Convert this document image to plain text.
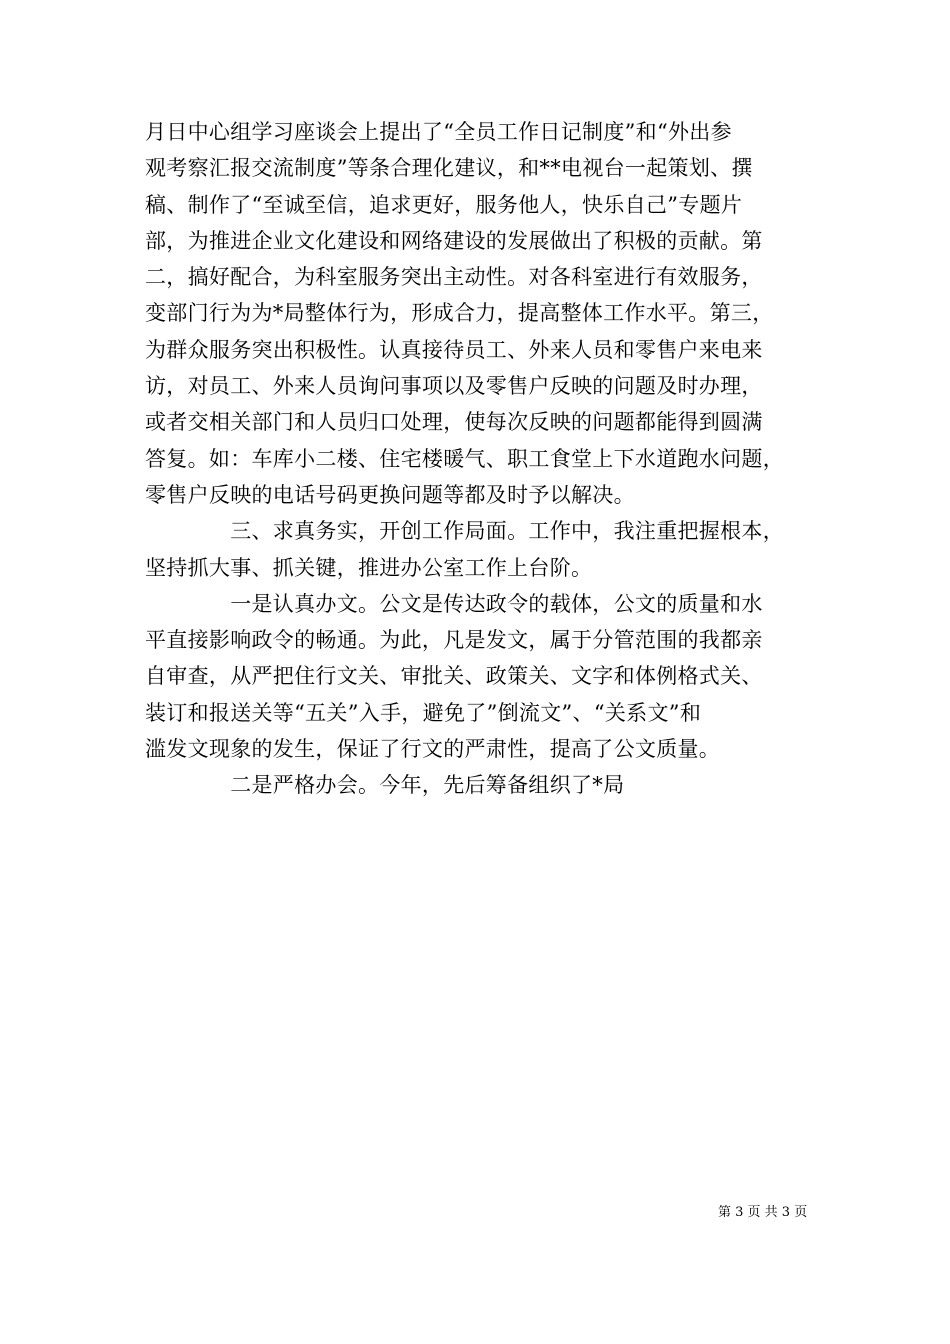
月日中心组学习座谈会上提出了“全员工作日记制度”和“外出参
观考察汇报交流制度”等条合理化建议，和**电视台一起策划、撰
稿、制作了“至诚至信，追求更好，服务他人，快乐自己”专题片
部，为推进企业文化建设和网络建设的发展做出了积极的贡献。第
二，搞好配合，为科室服务突出主动性。对各科室进行有效服务，
变部门行为为*局整体行为，形成合力，提高整体工作水平。第三，
为群众服务突出积极性。认真接待员工、外来人员和零售户来电来
访，对员工、外来人员询问事项以及零售户反映的问题及时办理，
或者交相关部门和人员归口处理，使每次反映的问题都能得到圆满
答复。如：车库小二楼、住宅楼暖气、职工食堂上下水道跑水问题，
零售户反映的电话号码更换问题等都及时予以解决。
　　　　三、求真务实，开创工作局面。工作中，我注重把握根本，
坚持抓大事、抓关键，推进办公室工作上台阶。
　　　　一是认真办文。公文是传达政令的载体，公文的质量和水
平直接影响政令的畅通。为此，凡是发文，属于分管范围的我都亲
自审查，从严把住行文关、审批关、政策关、文字和体例格式关、
装订和报送关等“五关”入手，避免了”倒流文”、“关系文”和
滥发文现象的发生，保证了行文的严肃性，提高了公文质量。
　　　　二是严格办会。今年，先后筹备组织了*局
第 3 页 共 3 页
